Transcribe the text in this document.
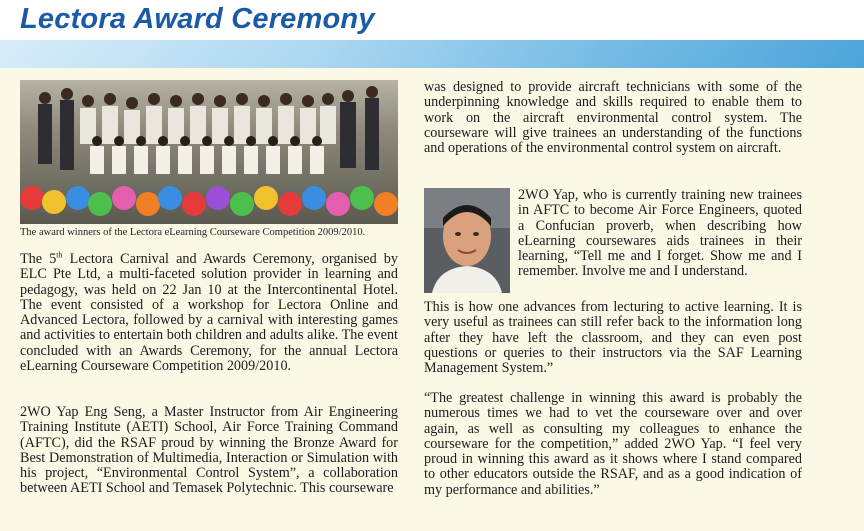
Lectora Award Ceremony
The award winners of the Lectora eLearning Courseware Competition 2009/2010.
The 5th Lectora Carnival and Awards Ceremony, organised by ELC Pte Ltd, a multi-faceted solution provider in learning and pedagogy, was held on 22 Jan 10 at the Intercontinental Hotel. The event consisted of a workshop for Lectora Online and Advanced Lectora, followed by a carnival with interesting games and activities to entertain both children and adults alike. The event concluded with an Awards Ceremony, for the annual Lectora eLearning Courseware Competition 2009/2010.
2WO Yap Eng Seng, a Master Instructor from Air Engineering Training Institute (AETI) School, Air Force Training Command (AFTC), did the RSAF proud by winning the Bronze Award for Best Demonstration of Multimedia, Interaction or Simulation with his project, “Environmental Control System”, a collaboration between AETI School and Temasek Polytechnic. This courseware
was designed to provide aircraft technicians with some of the underpinning knowledge and skills required to enable them to work on the aircraft environmental control system. The courseware will give trainees an understanding of the functions and operations of the environmental control system on aircraft.
2WO Yap, who is currently training new trainees in AFTC to become Air Force Engineers, quoted a Confucian proverb, when describing how eLearning coursewares aids trainees in their learning, “Tell me and I forget. Show me and I remember. Involve me and I understand.
This is how one advances from lecturing to active learning. It is very useful as trainees can still refer back to the information long after they have left the classroom, and they can even post questions or queries to their instructors via the SAF Learning Management System.”
“The greatest challenge in winning this award is probably the numerous times we had to vet the courseware over and over again, as well as consulting my colleagues to enhance the courseware for the competition,” added 2WO Yap. “I feel very proud in winning this award as it shows where I stand compared to other educators outside the RSAF, and as a good indication of my performance and abilities.”
